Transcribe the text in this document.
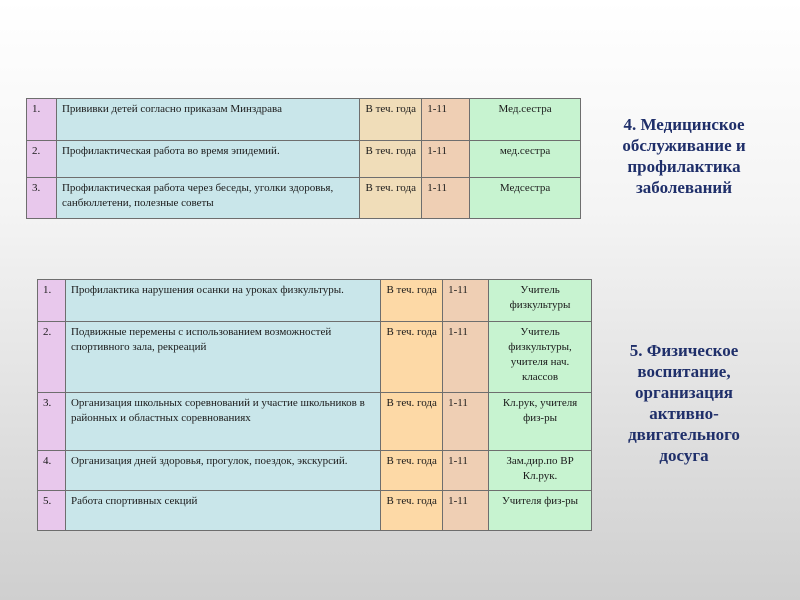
1.	Прививки детей согласно приказам Минздрава	В теч. года	1-11	Мед.сестра
2.	Профилактическая работа во время эпидемий.	В теч. года	1-11	мед.сестра
3.	Профилактическая работа через беседы, уголки здоровья, санбюллетени, полезные советы	В теч. года	1-11	Медсестра
4. Медицинское
обслуживание и
профилактика
заболеваний
1.	Профилактика нарушения осанки на уроках физкультуры.	В теч. года	1-11	Учитель физкультуры
2.	Подвижные перемены с использованием возможностей спортивного зала, рекреаций	В теч. года	1-11	Учитель физкультуры, учителя нач. классов
3.	Организация школьных соревнований и участие школьников в районных и областных соревнованиях	В теч. года	1-11	Кл.рук, учителя физ-ры
4.	Организация дней здоровья, прогулок, поездок, экскурсий.	В теч. года	1-11	Зам.дир.по ВР Кл.рук.
5.	Работа спортивных секций	В теч. года	1-11	Учителя физ-ры
5. Физическое
воспитание,
организация
активно-
двигательного
досуга
